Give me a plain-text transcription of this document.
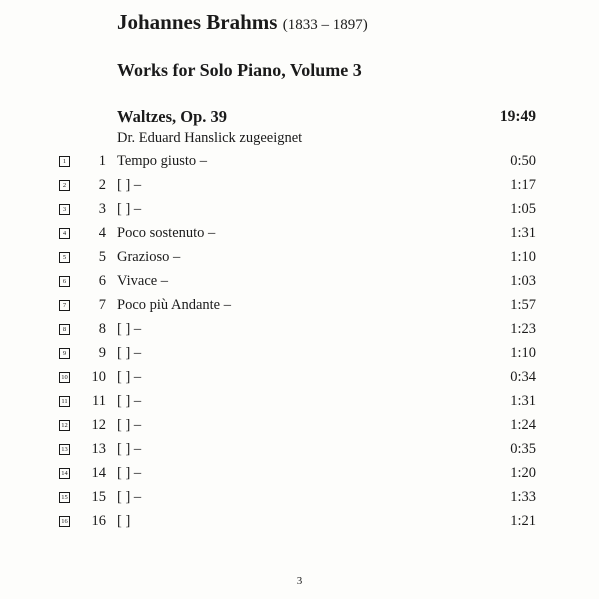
Johannes Brahms (1833 – 1897)
Works for Solo Piano, Volume 3
Waltzes, Op. 39	19:49
Dr. Eduard Hanslick zugeeignet
1 1 Tempo giusto –	0:50
2 2 [ ] –	1:17
3 3 [ ] –	1:05
4 4 Poco sostenuto –	1:31
5 5 Grazioso –	1:10
6 6 Vivace –	1:03
7 7 Poco più Andante –	1:57
8 8 [ ] –	1:23
9 9 [ ] –	1:10
10 10 [ ] –	0:34
11 11 [ ] –	1:31
12 12 [ ] –	1:24
13 13 [ ] –	0:35
14 14 [ ] –	1:20
15 15 [ ] –	1:33
16 16 [ ]	1:21
3
